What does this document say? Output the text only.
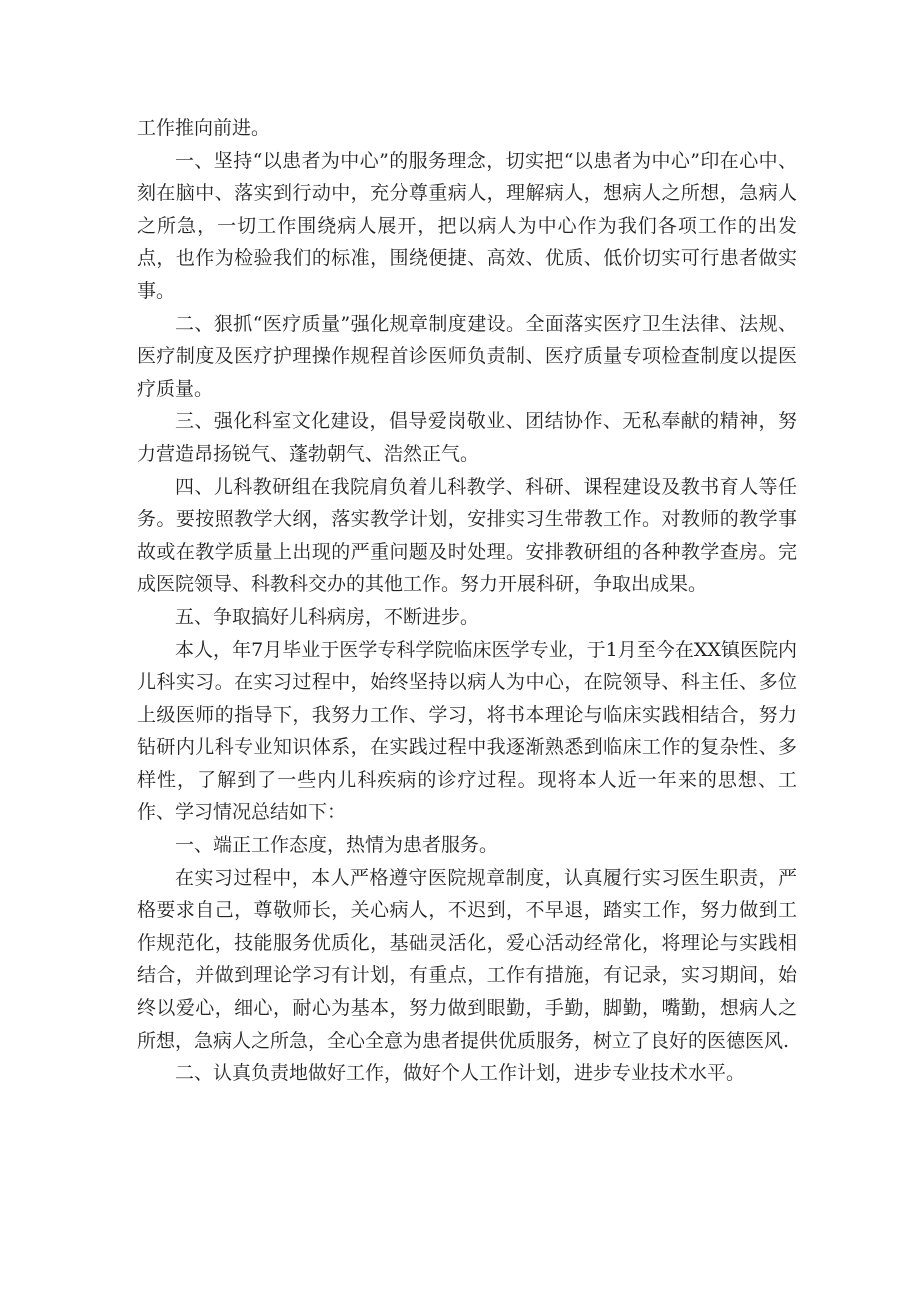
工作推向前进。

一、坚持“以患者为中心”的服务理念，切实把“以患者为中心”印在心中、刻在脑中、落实到行动中，充分尊重病人，理解病人，想病人之所想，急病人之所急，一切工作围绕病人展开，把以病人为中心作为我们各项工作的出发点，也作为检验我们的标准，围绕便捷、高效、优质、低价切实可行患者做实事。

二、狠抓“医疗质量”强化规章制度建设。全面落实医疗卫生法律、法规、医疗制度及医疗护理操作规程首诊医师负责制、医疗质量专项检查制度以提医疗质量。

三、强化科室文化建设，倡导爱岗敬业、团结协作、无私奉献的精神，努力营造昂扬锐气、蓬勃朝气、浩然正气。

四、儿科教研组在我院肩负着儿科教学、科研、课程建设及教书育人等任务。要按照教学大纲，落实教学计划，安排实习生带教工作。对教师的教学事故或在教学质量上出现的严重问题及时处理。安排教研组的各种教学查房。完成医院领导、科教科交办的其他工作。努力开展科研，争取出成果。

五、争取搞好儿科病房，不断进步。

本人，年7月毕业于医学专科学院临床医学专业，于1月至今在XX镇医院内儿科实习。在实习过程中，始终坚持以病人为中心，在院领导、科主任、多位上级医师的指导下，我努力工作、学习，将书本理论与临床实践相结合，努力钻研内儿科专业知识体系，在实践过程中我逐渐熟悉到临床工作的复杂性、多样性，了解到了一些内儿科疾病的诊疗过程。现将本人近一年来的思想、工作、学习情况总结如下：

一、端正工作态度，热情为患者服务。

在实习过程中，本人严格遵守医院规章制度，认真履行实习医生职责，严格要求自己，尊敬师长，关心病人，不迟到，不早退，踏实工作，努力做到工作规范化，技能服务优质化，基础灵活化，爱心活动经常化，将理论与实践相结合，并做到理论学习有计划，有重点，工作有措施，有记录，实习期间，始终以爱心，细心，耐心为基本，努力做到眼勤，手勤，脚勤，嘴勤，想病人之所想，急病人之所急，全心全意为患者提供优质服务，树立了良好的医德医风.

二、认真负责地做好工作，做好个人工作计划，进步专业技术水平。
